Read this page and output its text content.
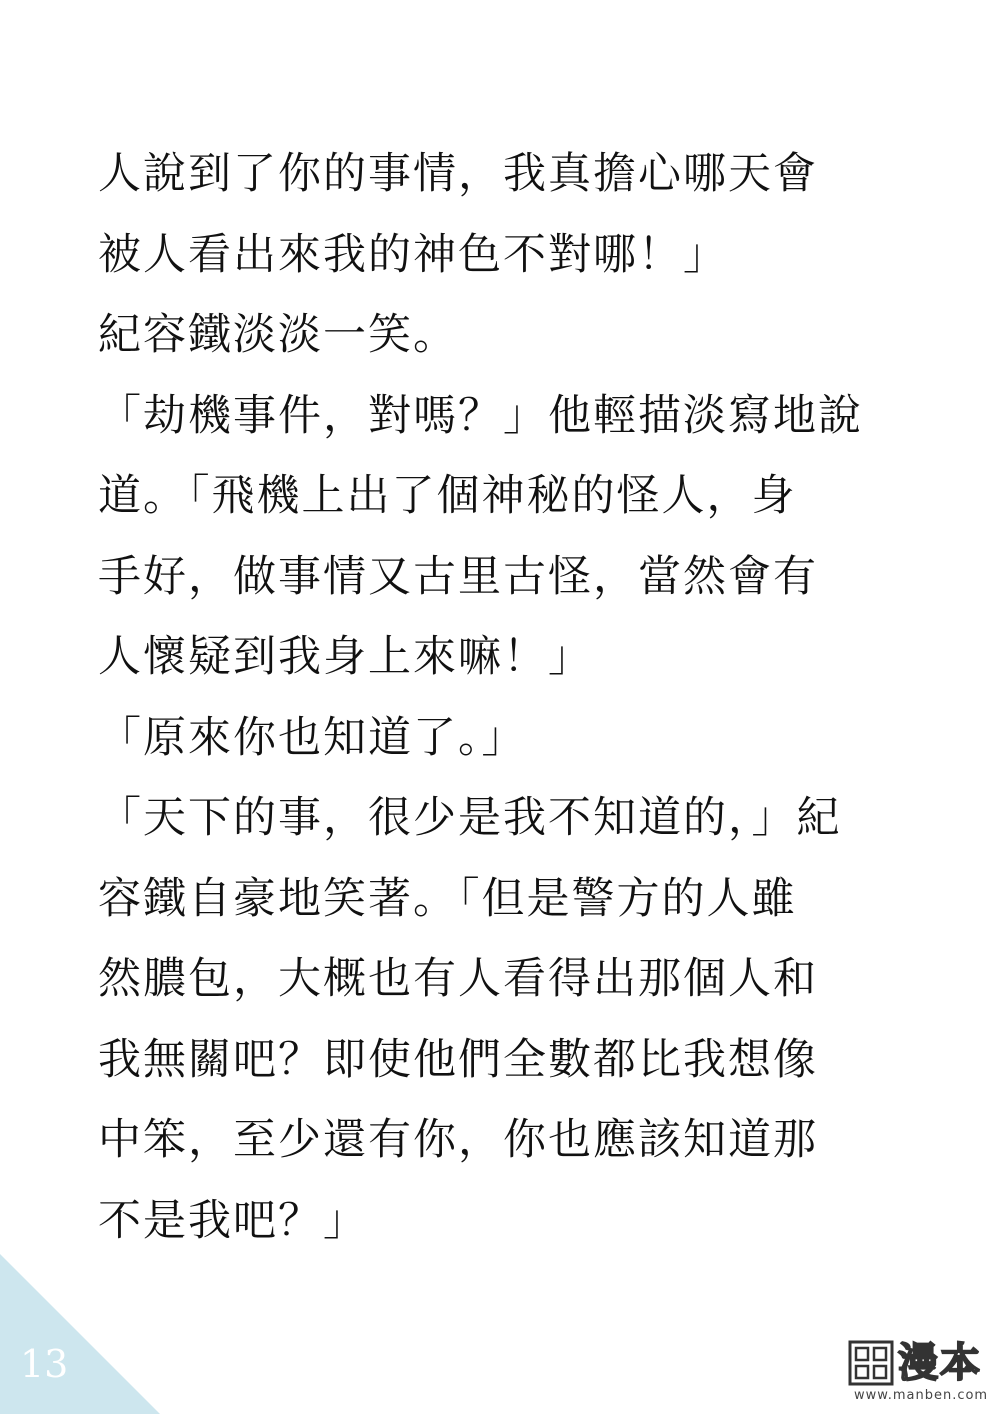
人說到了你的事情，我真擔心哪天會
被人看出來我的神色不對哪！」
紀容鐵淡淡一笑。
「劫機事件，對嗎？」他輕描淡寫地說
道。「飛機上出了個神秘的怪人，身
手好，做事情又古里古怪，當然會有
人懷疑到我身上來嘛！」
「原來你也知道了。」
「天下的事，很少是我不知道的，」紀
容鐵自豪地笑著。「但是警方的人雖
然膿包，大概也有人看得出那個人和
我無關吧？即使他們全數都比我想像
中笨，至少還有你，你也應該知道那
不是我吧？」
13	漫本
www.manben.com
